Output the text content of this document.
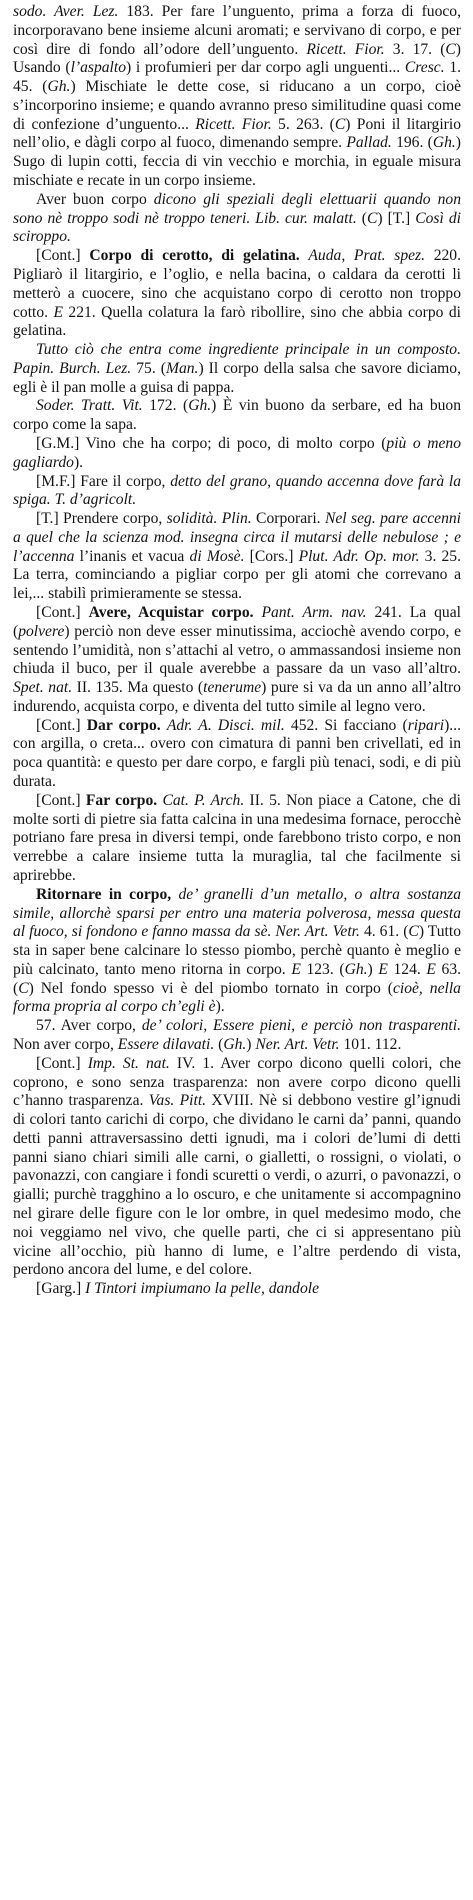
sodo. Aver. Lez. 183. Per fare l’unguento, prima a forza di fuoco, incorporavano bene insieme alcuni aromati; e servivano di corpo, e per così dire di fondo all’odore dell’unguento. Ricett. Fior. 3. 17. (C) Usando (l’aspalto) i profumieri per dar corpo agli unguenti... Cresc. 1. 45. (Gh.) Mischiate le dette cose, si riducano a un corpo, cioè s’incorporino insieme; e quando avranno preso similitudine quasi come di confezione d’unguento... Ricett. Fior. 5. 263. (C) Poni il litargirio nell’olio, e dàgli corpo al fuoco, dimenando sempre. Pallad. 196. (Gh.) Sugo di lupin cotti, feccia di vin vecchio e morchia, in eguale misura mischiate e recate in un corpo insieme.

Aver buon corpo dicono gli speziali degli elettuarii quando non sono nè troppo sodi nè troppo teneri. Lib. cur. malatt. (C) [T.] Così di sciroppo.

[Cont.] Corpo di cerotto, di gelatina. Auda, Prat. spez. 220. Pigliarò il litargirio, e l’oglio, e nella bacina, o caldara da cerotti li metterò a cuocere, sino che acquistano corpo di cerotto non troppo cotto. E 221. Quella colatura la farò ribollire, sino che abbia corpo di gelatina.

Tutto ciò che entra come ingrediente principale in un composto. Papin. Burch. Lez. 75. (Man.) Il corpo della salsa che savore diciamo, egli è il pan molle a guisa di pappa.

Soder. Tratt. Vit. 172. (Gh.) È vin buono da serbare, ed ha buon corpo come la sapa.

[G.M.] Vino che ha corpo; di poco, di molto corpo (più o meno gagliardo).

[M.F.] Fare il corpo, detto del grano, quando accenna dove farà la spiga. T. d’agricolt.

[T.] Prendere corpo, solidità. Plin. Corporari. Nel seg. pare accenni a quel che la scienza mod. insegna circa il mutarsi delle nebulose ; e l’accenna l’inanis et vacua di Mosè. [Cors.] Plut. Adr. Op. mor. 3. 25. La terra, cominciando a pigliar corpo per gli atomi che correvano a lei,... stabilì primieramente se stessa.

[Cont.] Avere, Acquistar corpo. Pant. Arm. nav. 241. La qual (polvere) perciò non deve esser minutissima, acciochè avendo corpo, e sentendo l’umidità, non s’attachi al vetro, o ammassandosi insieme non chiuda il buco, per il quale averebbe a passare da un vaso all’altro. Spet. nat. II. 135. Ma questo (tenerume) pure si va da un anno all’altro indurendo, acquista corpo, e diventa del tutto simile al legno vero.

[Cont.] Dar corpo. Adr. A. Disci. mil. 452. Si facciano (ripari)... con argilla, o creta... overo con cimatura di panni ben crivellati, ed in poca quantità: e questo per dare corpo, e fargli più tenaci, sodi, e di più durata.

[Cont.] Far corpo. Cat. P. Arch. II. 5. Non piace a Catone, che di molte sorti di pietre sia fatta calcina in una medesima fornace, perocchè potriano fare presa in diversi tempi, onde farebbono tristo corpo, e non verrebbe a calare insieme tutta la muraglia, tal che facilmente si aprirebbe.

Ritornare in corpo, de’ granelli d’un metallo, o altra sostanza simile, allorchè sparsi per entro una materia polverosa, messa questa al fuoco, si fondono e fanno massa da sè. Ner. Art. Vetr. 4. 61. (C) Tutto sta in saper bene calcinare lo stesso piombo, perchè quanto è meglio e più calcinato, tanto meno ritorna in corpo. E 123. (Gh.) E 124. E 63. (C) Nel fondo spesso vi è del piombo tornato in corpo (cioè, nella forma propria al corpo ch’egli è).

57. Aver corpo, de’ colori, Essere pieni, e perciò non trasparenti. Non aver corpo, Essere dilavati. (Gh.) Ner. Art. Vetr. 101. 112.

[Cont.] Imp. St. nat. IV. 1. Aver corpo dicono quelli colori, che coprono, e sono senza trasparenza: non avere corpo dicono quelli c’hanno trasparenza. Vas. Pitt. XVIII. Nè si debbono vestire gl’ignudi di colori tanto carichi di corpo, che dividano le carni da’ panni, quando detti panni attraversassino detti ignudi, ma i colori de’lumi di detti panni siano chiari simili alle carni, o gialletti, o rossigni, o violati, o pavonazzi, con cangiare i fondi scuretti o verdi, o azurri, o pavonazzi, o gialli; purchè tragghino a lo oscuro, e che unitamente si accompagnino nel girare delle figure con le lor ombre, in quel medesimo modo, che noi veggiamo nel vivo, che quelle parti, che ci si appresentano più vicine all’occhio, più hanno di lume, e l’altre perdendo di vista, perdono ancora del lume, e del colore.

[Garg.] I Tintori impiumano la pelle, dandole
